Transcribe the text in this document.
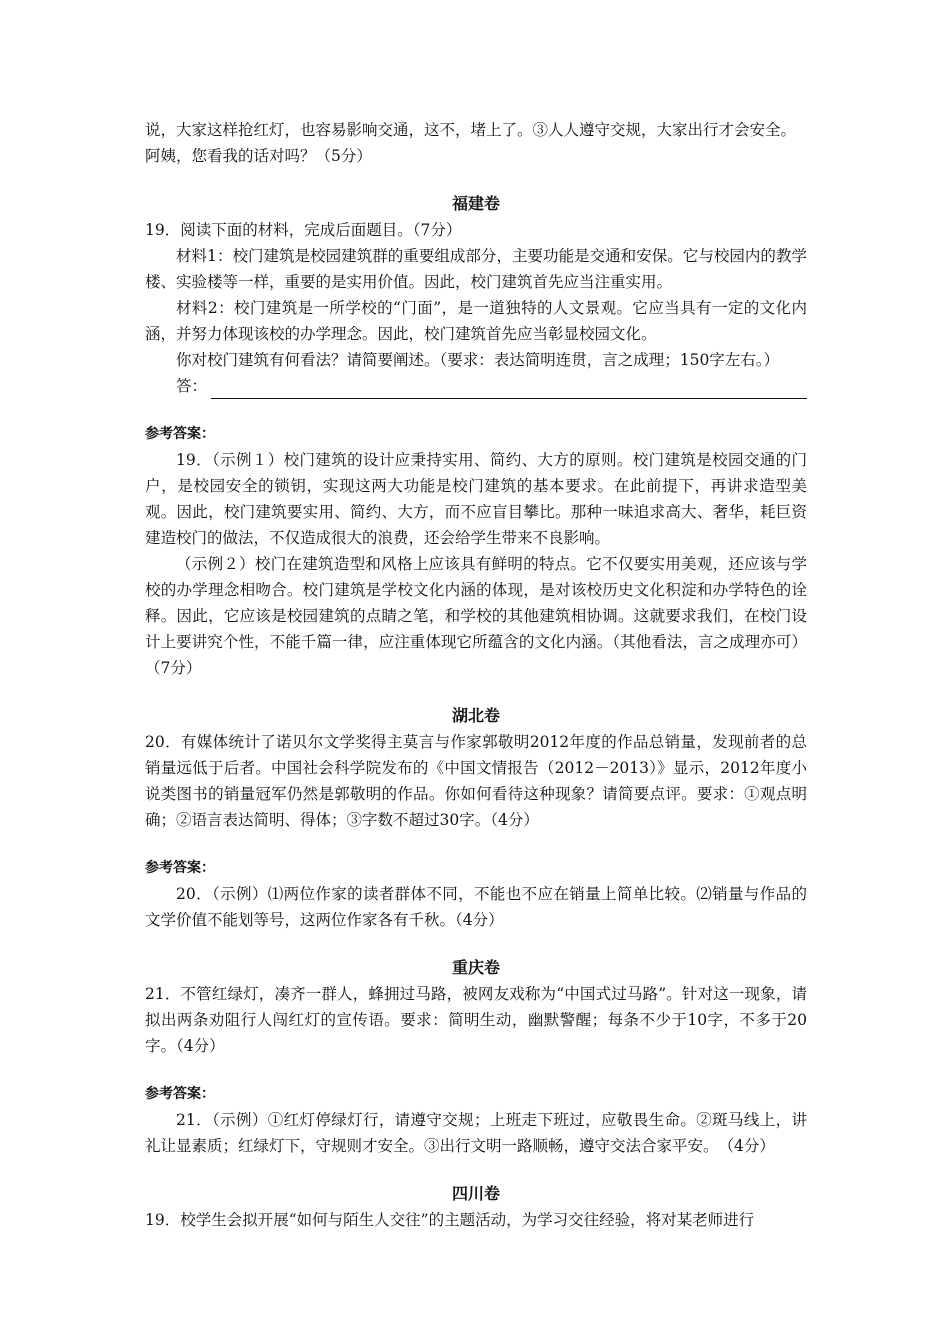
说，大家这样抢红灯，也容易影响交通，这不，堵上了。③人人遵守交规，大家出行才会安全。

阿姨，您看我的话对吗？（5分）

福建卷

19．阅读下面的材料，完成后面题目。（7分）

材料1：校门建筑是校园建筑群的重要组成部分，主要功能是交通和安保。它与校园内的教学楼、实验楼等一样，重要的是实用价值。因此，校门建筑首先应当注重实用。

材料2：校门建筑是一所学校的“门面”，是一道独特的人文景观。它应当具有一定的文化内涵，并努力体现该校的办学理念。因此，校门建筑首先应当彰显校园文化。

你对校门建筑有何看法？请简要阐述。（要求：表达简明连贯，言之成理；150字左右。）

答：

参考答案：

19．（示例１）校门建筑的设计应秉持实用、简约、大方的原则。校门建筑是校园交通的门户，是校园安全的锁钥，实现这两大功能是校门建筑的基本要求。在此前提下，再讲求造型美观。因此，校门建筑要实用、简约、大方，而不应盲目攀比。那种一味追求高大、奢华，耗巨资建造校门的做法，不仅造成很大的浪费，还会给学生带来不良影响。

（示例２）校门在建筑造型和风格上应该具有鲜明的特点。它不仅要实用美观，还应该与学校的办学理念相吻合。校门建筑是学校文化内涵的体现，是对该校历史文化积淀和办学特色的诠释。因此，它应该是校园建筑的点睛之笔，和学校的其他建筑相协调。这就要求我们，在校门设计上要讲究个性，不能千篇一律，应注重体现它所蕴含的文化内涵。（其他看法，言之成理亦可）（7分）

湖北卷

20．有媒体统计了诺贝尔文学奖得主莫言与作家郭敬明2012年度的作品总销量，发现前者的总销量远低于后者。中国社会科学院发布的《中国文情报告（2012－2013）》显示，2012年度小说类图书的销量冠军仍然是郭敬明的作品。你如何看待这种现象？请简要点评。要求：①观点明确；②语言表达简明、得体；③字数不超过30字。（4分）

参考答案：

20．（示例）⑴两位作家的读者群体不同，不能也不应在销量上简单比较。⑵销量与作品的文学价值不能划等号，这两位作家各有千秋。（4分）

重庆卷

21．不管红绿灯，凑齐一群人，蜂拥过马路，被网友戏称为“中国式过马路”。针对这一现象，请拟出两条劝阻行人闯红灯的宣传语。要求：简明生动，幽默警醒；每条不少于10字，不多于20字。（4分）

参考答案：

21．（示例）①红灯停绿灯行，请遵守交规；上班走下班过，应敬畏生命。②斑马线上，讲礼让显素质；红绿灯下，守规则才安全。③出行文明一路顺畅，遵守交法合家平安。　（4分）

四川卷

19．校学生会拟开展“如何与陌生人交往”的主题活动，为学习交往经验，将对某老师进行
